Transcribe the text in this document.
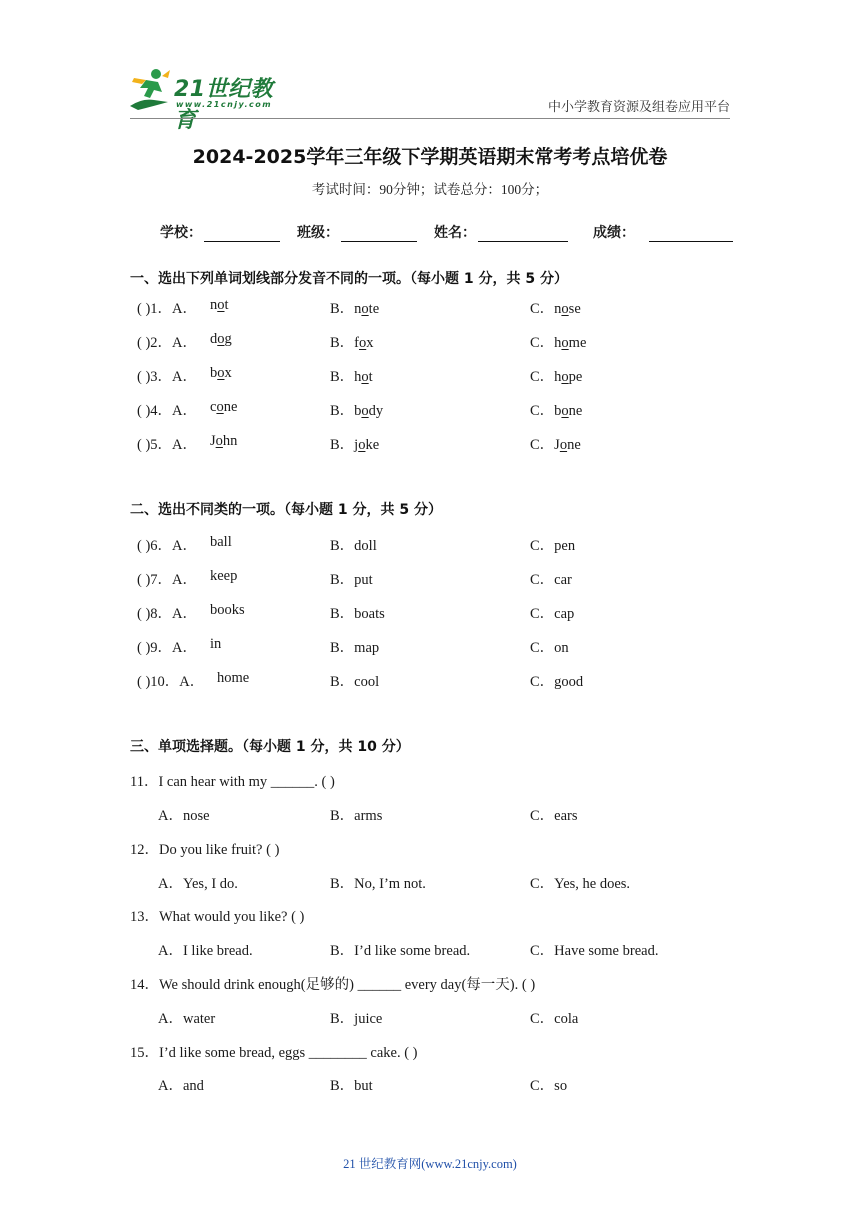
21世纪教育
www.21cnjy.com	中小学教育资源及组卷应用平台
2024-2025学年三年级下学期英语期末常考考点培优卷
考试时间：90分钟；试卷总分：100分；
学校：	班级：	姓名：	成绩：
一、选出下列单词划线部分发音不同的一项。（每小题 1 分，共 5 分）
( )1．A． not	B．note	C．nose
( )2．A． dog	B．fox	C．home
( )3．A． box	B．hot	C．hope
( )4．A． cone	B．body	C．bone
( )5．A． John	B．joke	C．Jone
二、选出不同类的一项。（每小题 1 分，共 5 分）
( )6．A． ball	B．doll	C．pen
( )7．A． keep	B．put	C．car
( )8．A． books	B．boats	C．cap
( )9．A． in	B．map	C．on
( )10．A． home	B．cool	C．good
三、单项选择题。（每小题 1 分，共 10 分）
11．I can hear with my ______. ( )
A．nose	B．arms	C．ears
12．Do you like fruit? ( )
A．Yes, I do.	B．No, I’m not.	C．Yes, he does.
13．What would you like? ( )
A．I like bread.	B．I’d like some bread.	C．Have some bread.
14．We should drink enough(足够的) ______ every day(每一天). ( )
A．water	B．juice	C．cola
15．I’d like some bread, eggs ________ cake. ( )
A．and	B．but	C．so
21 世纪教育网(www.21cnjy.com)
